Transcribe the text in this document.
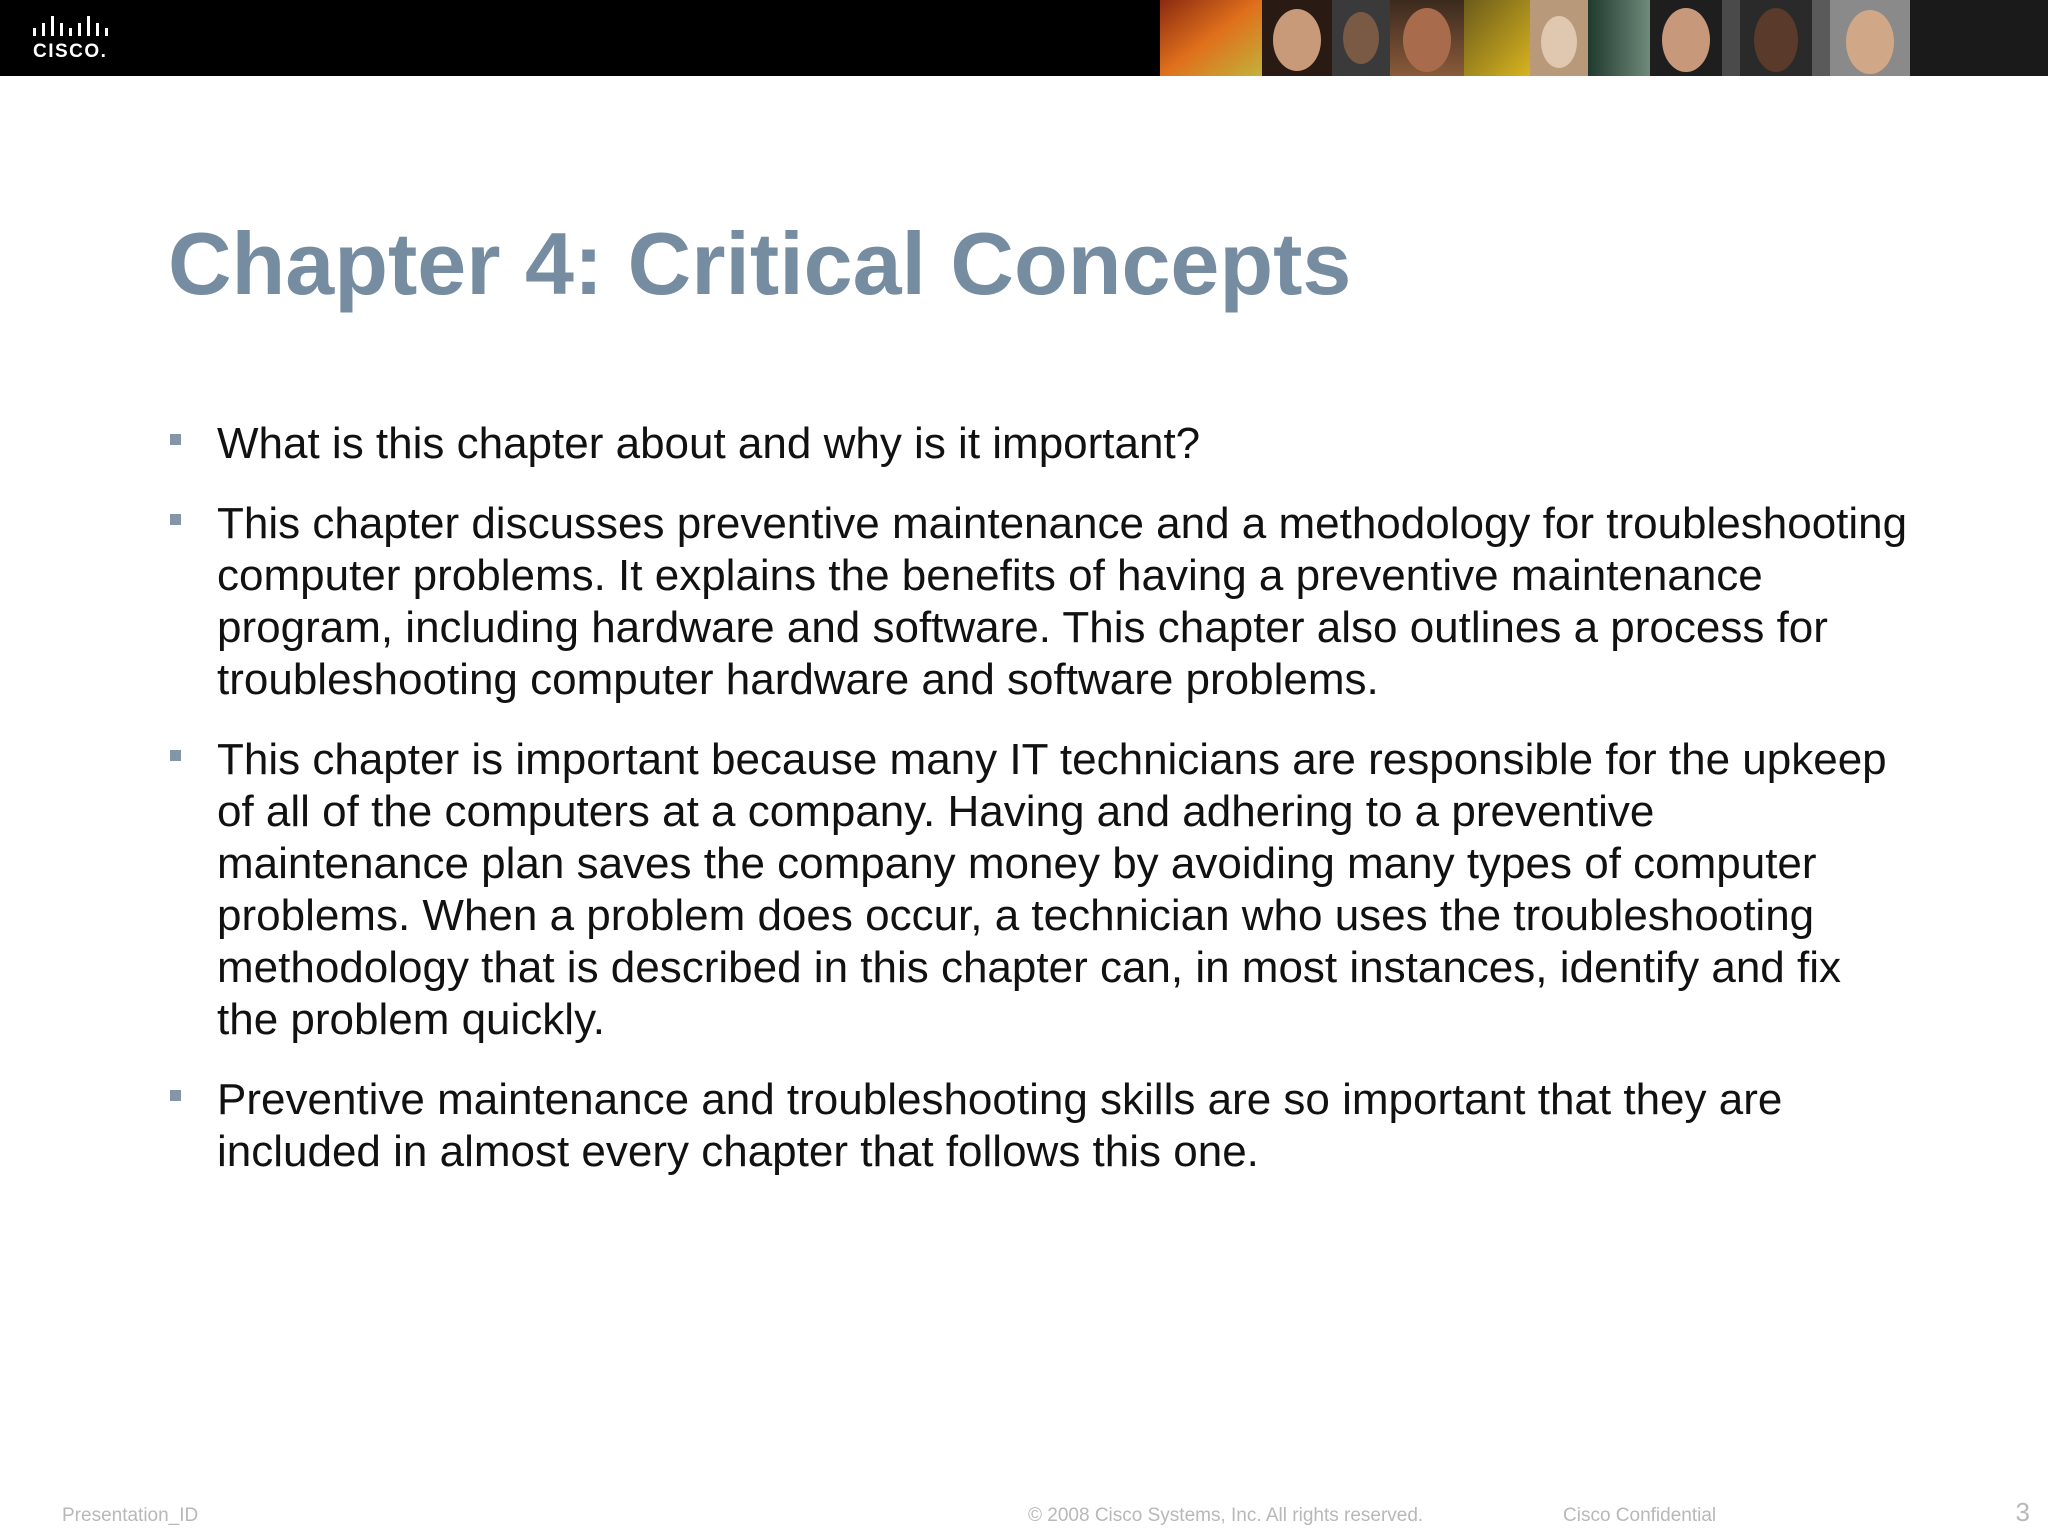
CISCO.
Chapter 4: Critical Concepts
What is this chapter about and why is it important?
This chapter discusses preventive maintenance and a methodology for troubleshooting computer problems. It explains the benefits of having a preventive maintenance program, including hardware and software. This chapter also outlines a process for troubleshooting computer hardware and software problems.
This chapter is important because many IT technicians are responsible for the upkeep of all of the computers at a company. Having and adhering to a preventive maintenance plan saves the company money by avoiding many types of computer problems. When a problem does occur, a technician who uses the troubleshooting methodology that is described in this chapter can, in most instances, identify and fix the problem quickly.
Preventive maintenance and troubleshooting skills are so important that they are included in almost every chapter that follows this one.
Presentation_ID	© 2008 Cisco Systems, Inc. All rights reserved.	Cisco Confidential	3
